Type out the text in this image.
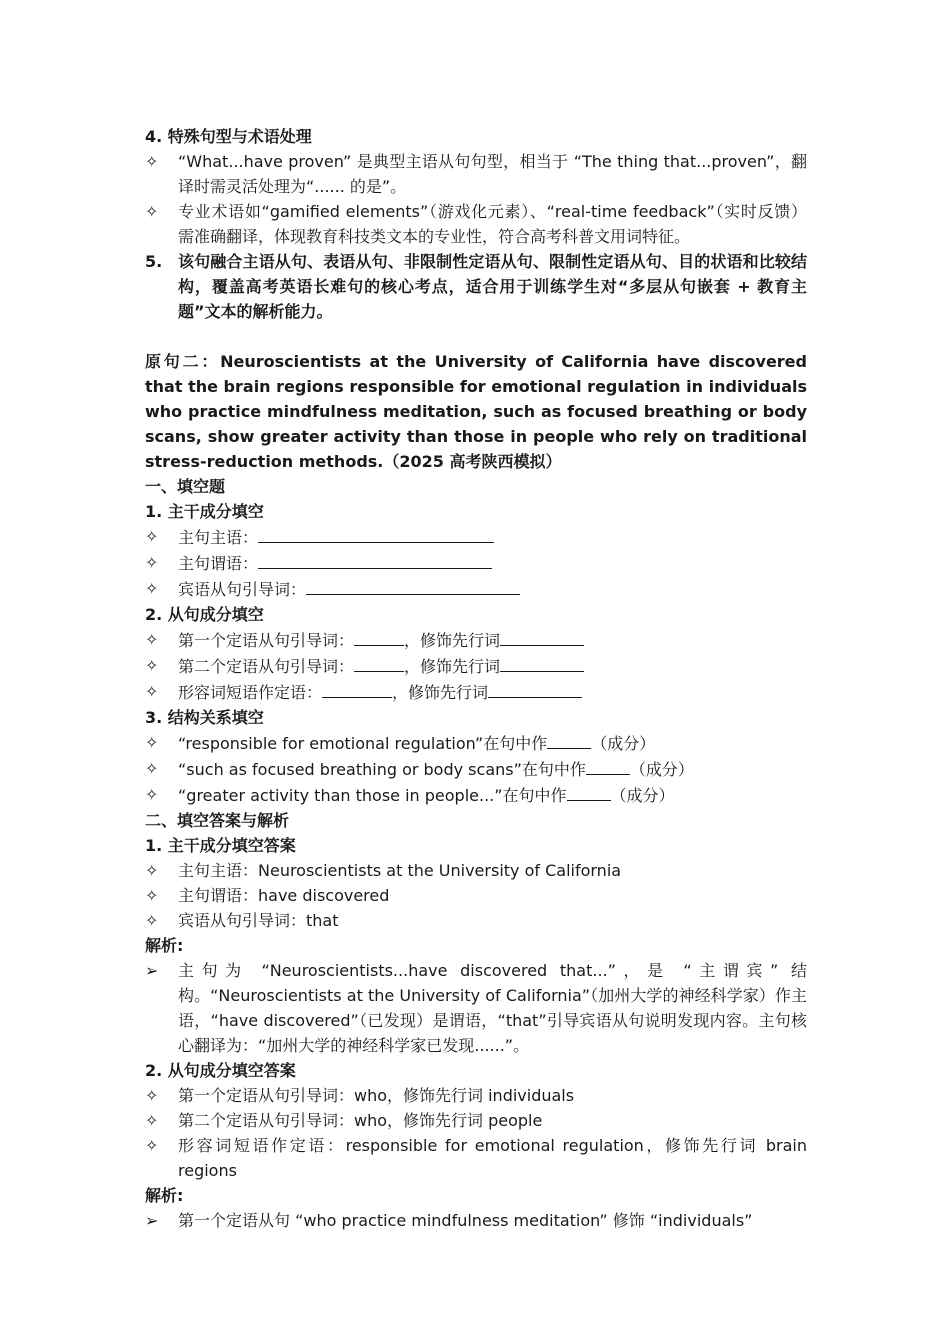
4. 特殊句型与术语处理
✧	“What...have proven” 是典型主语从句句型，相当于 “The thing that...proven”，翻译时需灵活处理为“...... 的是”。
✧	专业术语如“gamified elements”（游戏化元素）、“real-time feedback”（实时反馈）需准确翻译，体现教育科技类文本的专业性，符合高考科普文用词特征。
5. 该句融合主语从句、表语从句、非限制性定语从句、限制性定语从句、目的状语和比较结构，覆盖高考英语长难句的核心考点，适合用于训练学生对“多层从句嵌套 + 教育主题”文本的解析能力。
原句二：Neuroscientists at the University of California have discovered that the brain regions responsible for emotional regulation in individuals who practice mindfulness meditation, such as focused breathing or body scans, show greater activity than those in people who rely on traditional stress-reduction methods.（2025 高考陕西模拟）
一、填空题
1. 主干成分填空
✧	主句主语：
✧	主句谓语：
✧	宾语从句引导词：
2. 从句成分填空
✧	第一个定语从句引导词：	，修饰先行词
✧	第二个定语从句引导词：	，修饰先行词
✧	形容词短语作定语：	，修饰先行词
3. 结构关系填空
✧	“responsible for emotional regulation”在句中作	（成分）
✧	“such as focused breathing or body scans”在句中作	（成分）
✧	“greater activity than those in people...”在句中作	（成分）
二、填空答案与解析
1. 主干成分填空答案
✧	主句主语：Neuroscientists at the University of California
✧	主句谓语：have discovered
✧	宾语从句引导词：that
解析:
➢	主句为 “Neuroscientists...have discovered that...”，是 “主谓宾” 结构。“Neuroscientists at the University of California”（加州大学的神经科学家）作主语，“have discovered”（已发现）是谓语，“that”引导宾语从句说明发现内容。主句核心翻译为：“加州大学的神经科学家已发现......”。
2. 从句成分填空答案
✧	第一个定语从句引导词：who，修饰先行词 individuals
✧	第二个定语从句引导词：who，修饰先行词 people
✧	形容词短语作定语：responsible for emotional regulation，修饰先行词 brain regions
解析:
➢	第一个定语从句 “who practice mindfulness meditation” 修饰 “individuals”
